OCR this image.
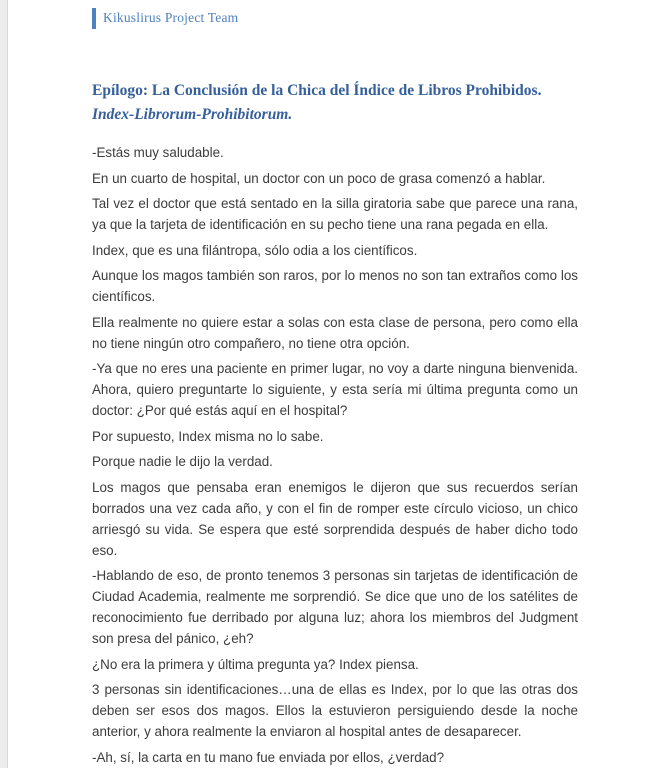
Kikuslirus Project Team
Epílogo: La Conclusión de la Chica del Índice de Libros Prohibidos.
Index-Librorum-Prohibitorum.

-Estás muy saludable.

En un cuarto de hospital, un doctor con un poco de grasa comenzó a hablar.

Tal vez el doctor que está sentado en la silla giratoria sabe que parece una rana, ya que la tarjeta de identificación en su pecho tiene una rana pegada en ella.

Index, que es una filántropa, sólo odia a los científicos.

Aunque los magos también son raros, por lo menos no son tan extraños como los científicos.

Ella realmente no quiere estar a solas con esta clase de persona, pero como ella no tiene ningún otro compañero, no tiene otra opción.

-Ya que no eres una paciente en primer lugar, no voy a darte ninguna bienvenida. Ahora, quiero preguntarte lo siguiente, y esta sería mi última pregunta como un doctor: ¿Por qué estás aquí en el hospital?

Por supuesto, Index misma no lo sabe.

Porque nadie le dijo la verdad.

Los magos que pensaba eran enemigos le dijeron que sus recuerdos serían borrados una vez cada año, y con el fin de romper este círculo vicioso, un chico arriesgó su vida. Se espera que esté sorprendida después de haber dicho todo eso.

-Hablando de eso, de pronto tenemos 3 personas sin tarjetas de identificación de Ciudad Academia, realmente me sorprendió. Se dice que uno de los satélites de reconocimiento fue derribado por alguna luz; ahora los miembros del Judgment son presa del pánico, ¿eh?

¿No era la primera y última pregunta ya? Index piensa.

3 personas sin identificaciones…una de ellas es Index, por lo que las otras dos deben ser esos dos magos. Ellos la estuvieron persiguiendo desde la noche anterior, y ahora realmente la enviaron al hospital antes de desaparecer.

-Ah, sí, la carta en tu mano fue enviada por ellos, ¿verdad?
